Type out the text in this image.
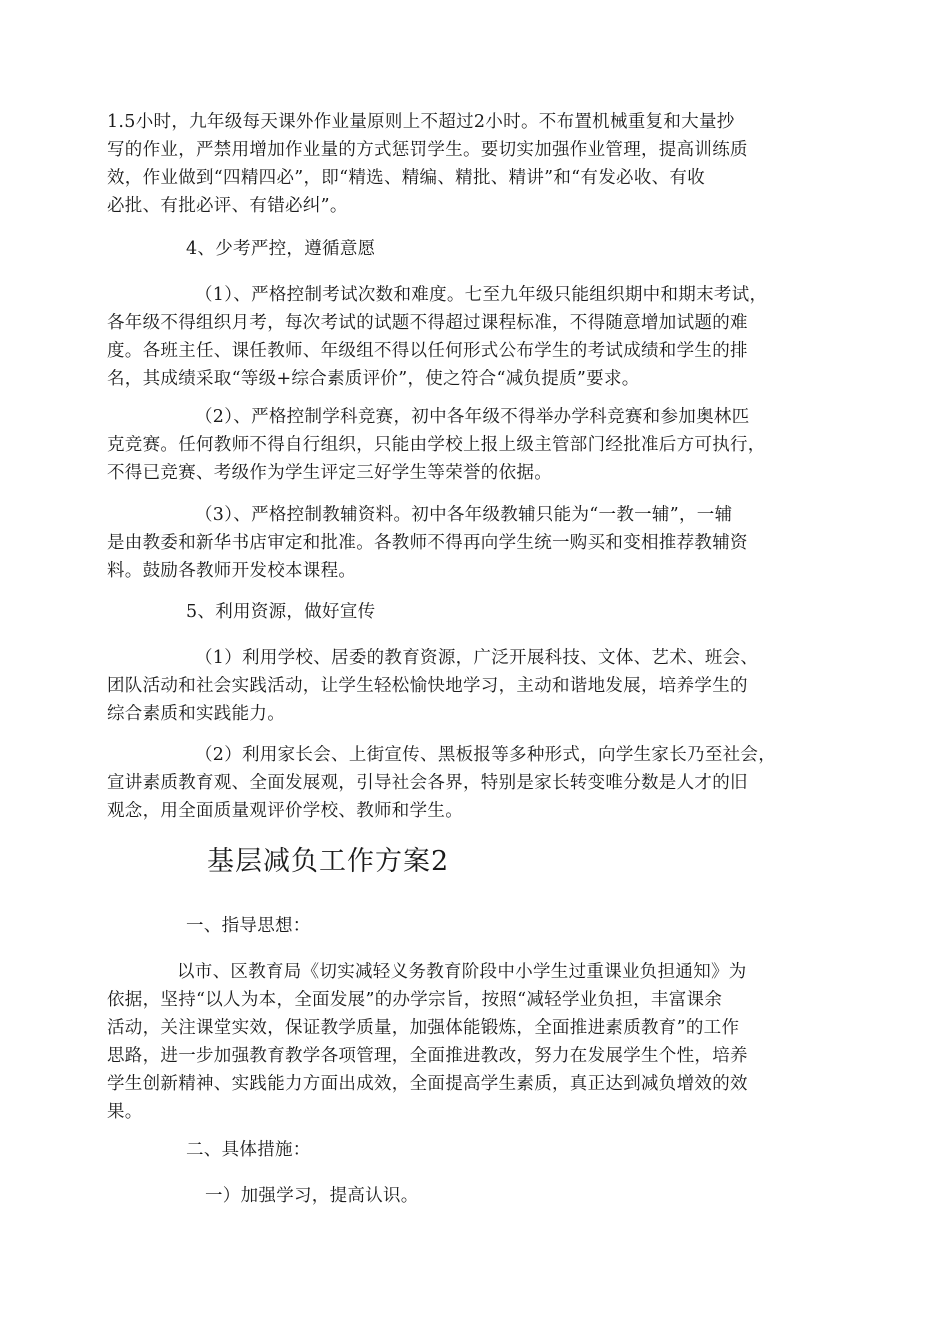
1.5小时，九年级每天课外作业量原则上不超过2小时。不布置机械重复和大量抄
写的作业，严禁用增加作业量的方式惩罚学生。要切实加强作业管理，提高训练质
效，作业做到“四精四必”，即“精选、精编、精批、精讲”和“有发必收、有收
必批、有批必评、有错必纠”。

4、少考严控，遵循意愿

（1）、严格控制考试次数和难度。七至九年级只能组织期中和期末考试，
各年级不得组织月考，每次考试的试题不得超过课程标准，不得随意增加试题的难
度。各班主任、课任教师、年级组不得以任何形式公布学生的考试成绩和学生的排
名，其成绩采取“等级+综合素质评价”，使之符合“减负提质”要求。
（2）、严格控制学科竞赛，初中各年级不得举办学科竞赛和参加奥林匹
克竞赛。任何教师不得自行组织，只能由学校上报上级主管部门经批准后方可执行，
不得已竞赛、考级作为学生评定三好学生等荣誉的依据。
（3）、严格控制教辅资料。初中各年级教辅只能为“一教一辅”，一辅
是由教委和新华书店审定和批准。各教师不得再向学生统一购买和变相推荐教辅资
料。鼓励各教师开发校本课程。

5、利用资源，做好宣传

（1）利用学校、居委的教育资源，广泛开展科技、文体、艺术、班会、
团队活动和社会实践活动，让学生轻松愉快地学习，主动和谐地发展，培养学生的
综合素质和实践能力。
（2）利用家长会、上街宣传、黑板报等多种形式，向学生家长乃至社会，
宣讲素质教育观、全面发展观，引导社会各界，特别是家长转变唯分数是人才的旧
观念，用全面质量观评价学校、教师和学生。
基层减负工作方案2

一、指导思想：

以市、区教育局《切实减轻义务教育阶段中小学生过重课业负担通知》为
依据，坚持“以人为本，全面发展”的办学宗旨，按照“减轻学业负担，丰富课余
活动，关注课堂实效，保证教学质量，加强体能锻炼，全面推进素质教育”的工作
思路，进一步加强教育教学各项管理，全面推进教改，努力在发展学生个性，培养
学生创新精神、实践能力方面出成效，全面提高学生素质，真正达到减负增效的效
果。

二、具体措施：

一）加强学习，提高认识。
